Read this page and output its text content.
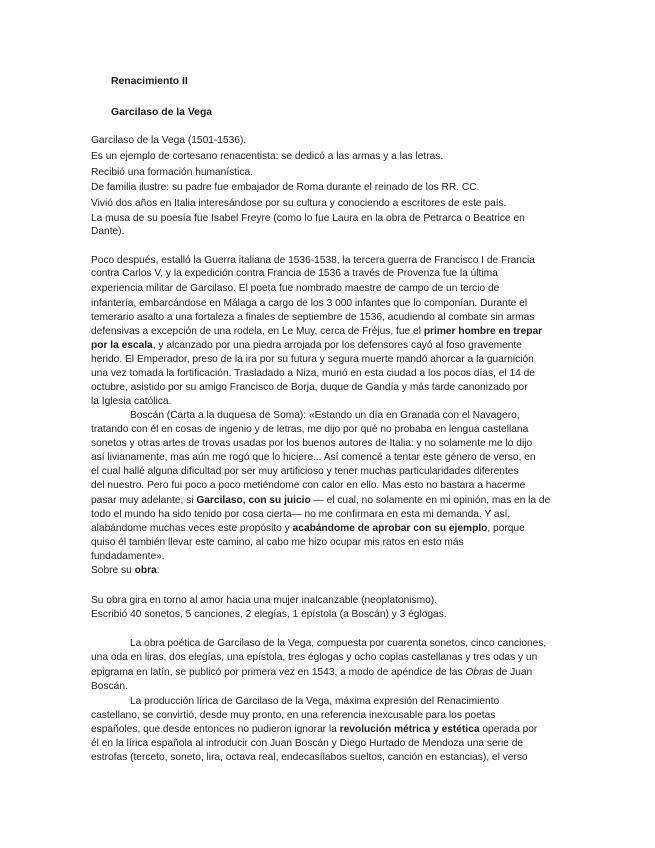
Renacimiento II
Garcilaso de la Vega
Garcilaso de la Vega (1501-1536).
Es un ejemplo de cortesano renacentista: se dedicó a las armas y a las letras.
Recibió una formación humanística.
De familia ilustre: su padre fue embajador de Roma durante el reinado de los RR. CC.
Vivió dos años en Italia interesándose por su cultura y conociendo a escritores de este país.
La musa de su poesía fue Isabel Freyre (como lo fue Laura en la obra de Petrarca o Beatrice en
Dante).
Poco después, estalló la Guerra italiana de 1536-1538, la tercera guerra de Francisco I de Francia
contra Carlos V, y la expedición contra Francia de 1536 a través de Provenza fue la última
experiencia militar de Garcilaso. El poeta fue nombrado maestre de campo de un tercio de
infantería, embarcándose en Málaga a cargo de los 3 000 infantes que lo componían. Durante el
temerario asalto a una fortaleza a finales de septiembre de 1536, acudiendo al combate sin armas
defensivas a excepción de una rodela, en Le Muy, cerca de Fréjus, fue el primer hombre en trepar
por la escala, y alcanzado por una piedra arrojada por los defensores cayó al foso gravemente
herido. El Emperador, preso de la ira por su futura y segura muerte mandó ahorcar a la guarnición
una vez tomada la fortificación. Trasladado a Niza, murió en esta ciudad a los pocos días, el 14 de
octubre, asistido por su amigo Francisco de Borja, duque de Gandía y más tarde canonizado por
la Iglesia católica.
Boscán (Carta a la duquesa de Soma): «Estando un día en Granada con el Navagero,
tratando con él en cosas de ingenio y de letras, me dijo por qué no probaba en lengua castellana
sonetos y otras artes de trovas usadas por los buenos autores de Italia: y no solamente me lo dijo
así livianamente, mas aún me rogó que lo hiciere... Así comencé a tentar este género de verso, en
el cual hallé alguna dificultad por ser muy artificioso y tener muchas particularidades diferentes
del nuestro. Pero fui poco a poco metiéndome con calor en ello. Mas esto no bastara a hacerme
pasar muy adelante, si Garcilaso, con su juicio — el cual, no solamente en mi opinión, mas en la de
todo el mundo ha sido tenido por cosa cierta— no me confirmara en esta mi demanda. Y así,
alabándome muchas veces este propósito y acabándome de aprobar con su ejemplo, porque
quiso él también llevar este camino, al cabo me hizo ocupar mis ratos en esto más
fundadamente».
Sobre su obra:
Su obra gira en torno al amor hacia una mujer inalcanzable (neoplatonismo).
Escribió 40 sonetos, 5 canciones, 2 elegías, 1 epístola (a Boscán) y 3 églogas.
La obra poética de Garcilaso de la Vega, compuesta por cuarenta sonetos, cinco canciones,
una oda en liras, dos elegías, una epístola, tres églogas y ocho coplas castellanas y tres odas y un
epigrama en latín, se publicó por primera vez en 1543, a modo de apéndice de las Obras de Juan
Boscán.
La producción lírica de Garcilaso de la Vega, máxima expresión del Renacimiento
castellano, se convirtió, desde muy pronto, en una referencia inexcusable para los poetas
españoles, que desde entonces no pudieron ignorar la revolución métrica y estética operada por
él en la lírica española al introducir con Juan Boscán y Diego Hurtado de Mendoza una serie de
estrofas (terceto, soneto, lira, octava real, endecasílabos sueltos, canción en estancias), el verso
